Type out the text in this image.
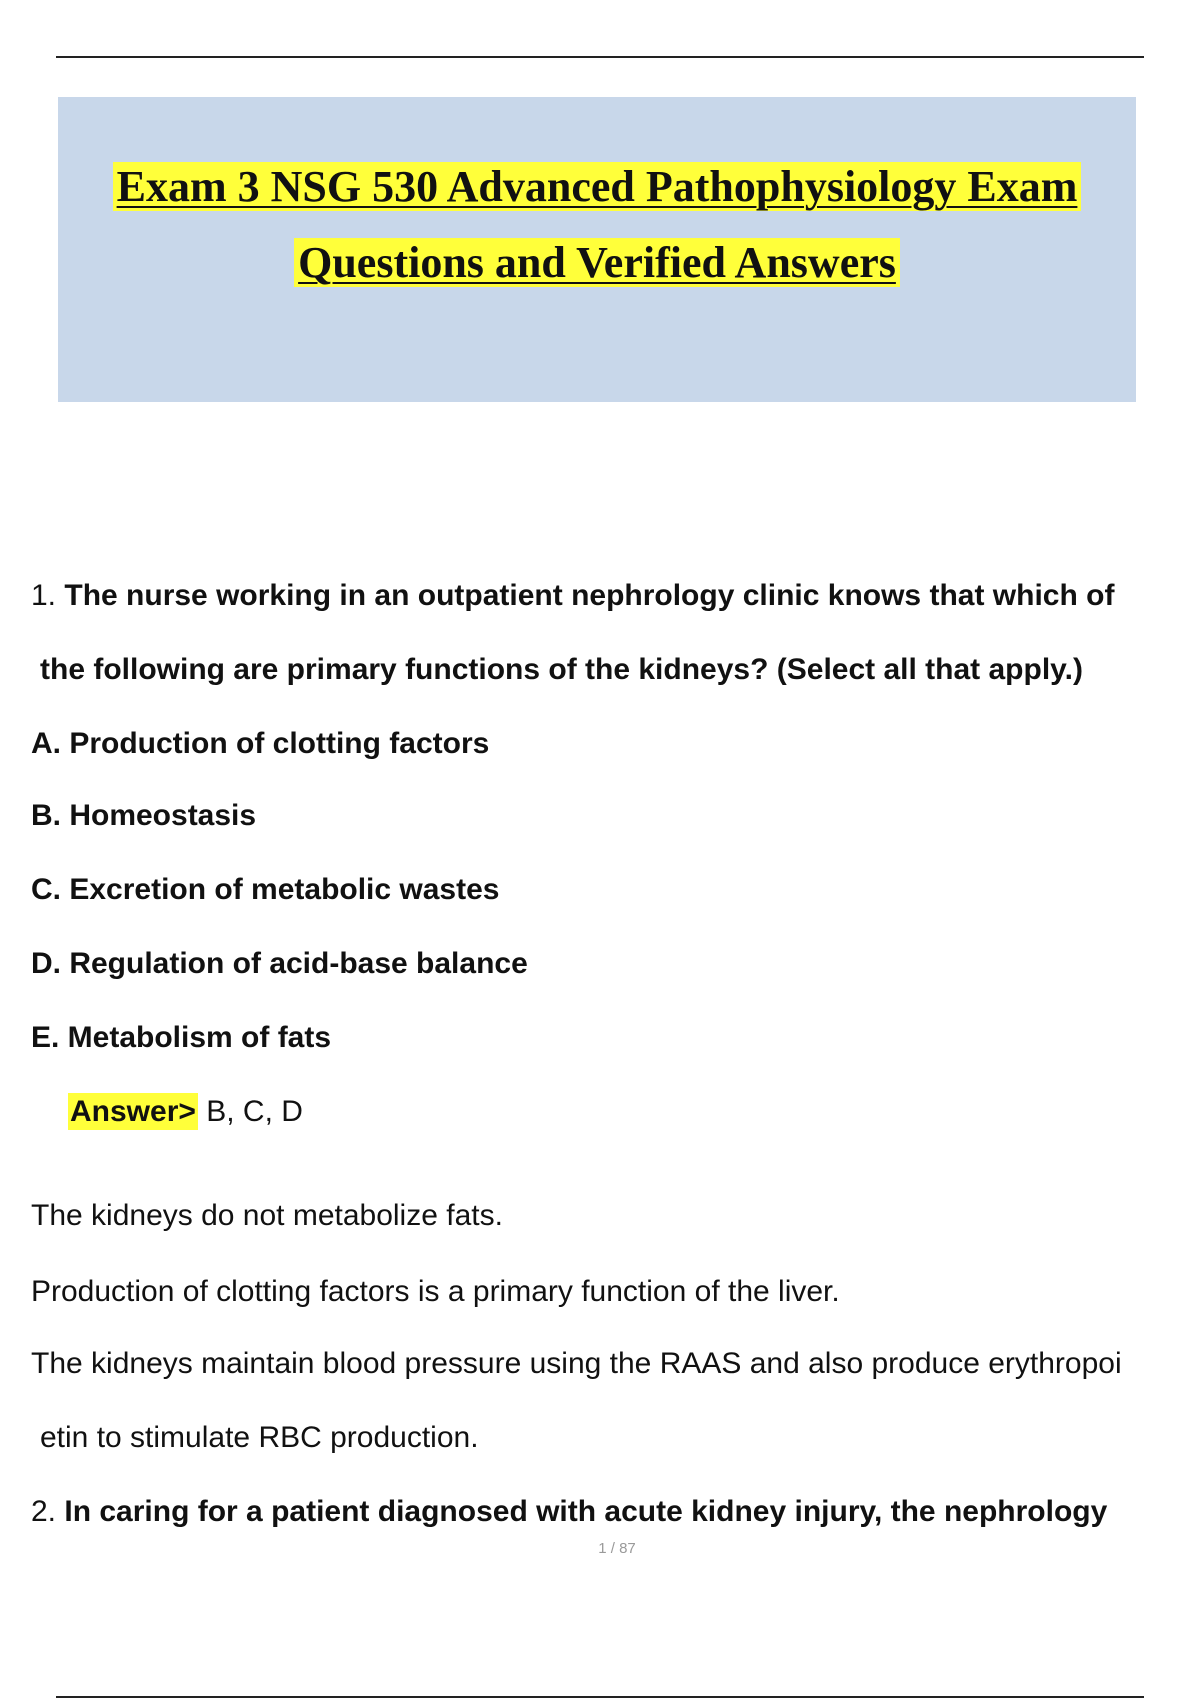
Exam 3 NSG 530 Advanced Pathophysiology Exam
Questions and Verified Answers
1. The nurse working in an outpatient nephrology clinic knows that which of
the following are primary functions of the kidneys? (Select all that apply.)
A. Production of clotting factors
B. Homeostasis
C. Excretion of metabolic wastes
D. Regulation of acid-base balance
E. Metabolism of fats
Answer> B, C, D
The kidneys do not metabolize fats.
Production of clotting factors is a primary function of the liver.
The kidneys maintain blood pressure using the RAAS and also produce erythropoi
etin to stimulate RBC production.
2. In caring for a patient diagnosed with acute kidney injury, the nephrology
1 / 87
